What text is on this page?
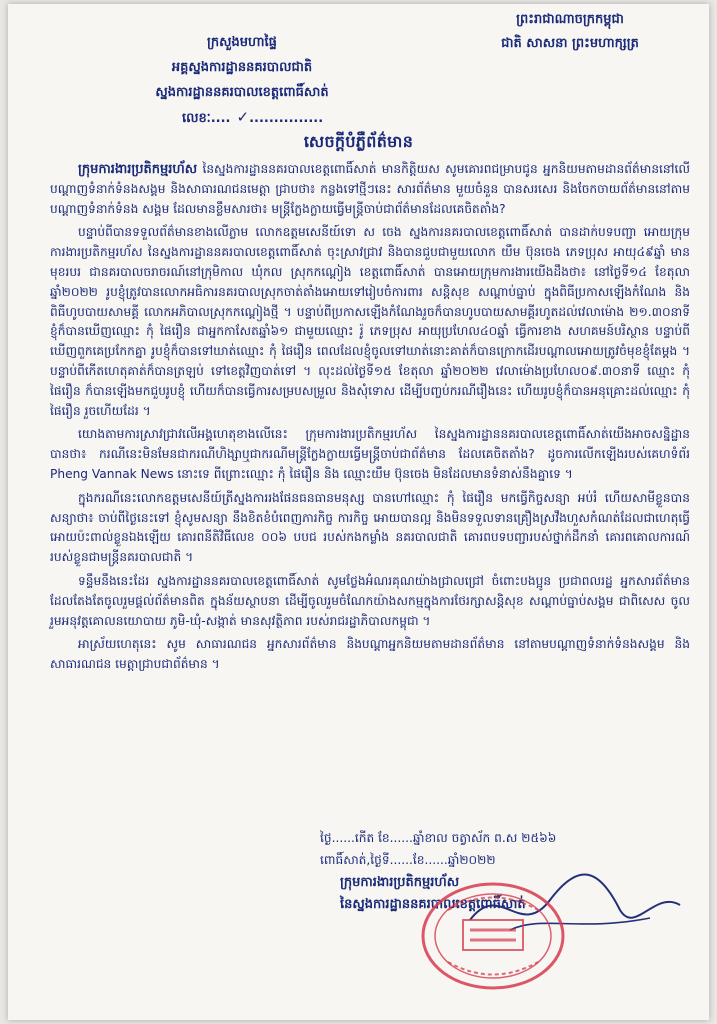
ក្រសួងមហាផ្ទៃ
អគ្គស្នងការដ្ឋាននគរបាលជាតិ
ស្នងការដ្ឋាននគរបាលខេត្តពោធិ៍សាត់
ព្រះរាជាណាចក្រកម្ពុជា
ជាតិ សាសនា ព្រះមហាក្សត្រ
លេខៈ.... ✓...............
សេចក្ដីបំភ្លឺព័ត៌មាន

ក្រុមការងារប្រតិកម្មរហ័ស នៃស្នងការដ្ឋាននគរបាលខេត្តពោធិ៍សាត់ មានកិត្តិយស សូមគោរពជម្រាបជូន អ្នកនិយមតាមដានព័ត៌មាននៅលើបណ្ដាញទំនាក់ទំនងសង្គម និងសាធារណជនមេត្តា ជ្រាបថា៖ កន្លងទៅថ្មីៗនេះ សារព័ត៌មាន មួយចំនួន បានសរសេរ និងចែកចាយព័ត៌មាននៅតាមបណ្ដាញទំនាក់ទំនង សង្គម ដែលមានខ្លឹមសារថា៖ មន្ត្រីក្លែងក្លាយធ្វើមន្ត្រីចាប់ជាព័ត៌មានដែលគេចិតតាំង?

បន្ទាប់ពីបានទទួលព័ត៌មានខាងលើភ្លាម លោកឧត្តមសេនីយ៍ទោ ស ចេង ស្នងការនគរបាលខេត្តពោធិ៍សាត់ បានដាក់បទបញ្ជា អោយក្រុមការងារប្រតិកម្មរហ័ស នៃស្នងការដ្ឋាននគរបាលខេត្តពោធិ៍សាត់ ចុះស្រាវជ្រាវ និងបានជួបជាមួយលោក យឹម ប៊ុនចេង ភេទប្រុស អាយុ៤៩ឆ្នាំ មានមុខរបរ ជានគរបាលចរាចរណ៍នៅក្រុមិកាល ឃុំកល ស្រុកកណ្ដៀង ខេត្តពោធិ៍សាត់ បានអោយក្រុមការងារយើងដឹងថា៖ នៅថ្ងៃទី១៤ ខែតុលា ឆ្នាំ២០២២ រូបខ្ញុំត្រូវបានលោកអធិការនគរបាលស្រុកចាត់តាំងអោយទៅរៀបចំការពារ សន្តិសុខ សណ្ដាប់ធ្នាប់ ក្នុងពិធីប្រកាសឡើងកំណែង និងពិធីហូបបាយសាមគ្គី លោកអភិបាលស្រុកកណ្ដៀងថ្មី ។ បន្ទាប់ពីប្រកាសឡើងកំណែងរួចក៏បានហូបបាយសាមគ្គីរហូតដល់វេលាម៉ោង ២១.៣០នាទី ខ្ញុំក៏បានឃើញឈ្មោះ កុំ ផៃរឿន ជាអ្នកកាសែតឆ្នាំ៦១ ជាមួយឈ្មោះ រ៉ូ ភេទប្រុស អាយុប្រហែល៤០ឆ្នាំ ធ្វើការខាង សហគមន៍បរិស្ថាន បន្ទាប់ពីឃើញពួកគេប្រកែកគ្នា រូបខ្ញុំក៏បានទៅឃាត់ឈ្មោះ កុំ ផៃរឿន ពេលដែលខ្ញុំចូលទៅឃាត់នោះគាត់ក៏បានក្រោកដើរបណ្ដាលអោយត្រូវចំមុខខ្ញុំតែម្ដង ។ បន្ទាប់ពីកើតហេតុគាត់ក៏បានត្រឡប់ ទៅខេត្តវិញបាត់ទៅ ។ លុះដល់ថ្ងៃទី១៥ ខែតុលា ឆ្នាំ២០២២ វេលាម៉ោងប្រហែល០៩.៣០នាទី ឈ្មោះ កុំ ផៃរឿន ក៏បានឡើងមកជួបរូបខ្ញុំ ហើយក៏បានធ្វើការសម្របសម្រួល និងសុំទោស ដើម្បីបញ្ចប់ករណីរឿងនេះ ហើយរូបខ្ញុំក៏បានអនុគ្រោះដល់ឈ្មោះ កុំ ផៃរឿន រួចហើយដែរ ។

យោងតាមការស្រាវជ្រាវលើអង្គហេតុខាងលើនេះ ក្រុមការងារប្រតិកម្មរហ័ស នៃស្នងការដ្ឋាននគរបាលខេត្តពោធិ៍សាត់យើងអាចសន្និដ្ឋានបានថា៖ ករណីនេះមិនមែនជាករណីហិង្សាឬជាករណីមន្ត្រីក្លែងក្លាយធ្វើមន្ត្រីចាប់ជាព័ត៌មាន ដែលគេចិតតាំង? ដូចការលើកឡើងរបស់គេហទំព័រ Pheng Vannak News នោះទេ ពីព្រោះឈ្មោះ កុំ ផៃរឿន និង ឈ្មោះយឹម ប៊ុនចេង មិនដែលមានទំនាស់នឹងគ្នាទេ ។

ក្នុងករណីនេះលោកឧត្តមសេនីយ៍ត្រីស្នងការរងផែនធនធានមនុស្ស បានហៅឈ្មោះ កុំ ផៃរឿន មកធ្វើកិច្ចសន្យា អប់រំ ហើយសាមីខ្លួនបានសន្យាថា៖ ចាប់ពីថ្ងៃនេះទៅ ខ្ញុំសូមសន្យា នឹងខិតខំបំពេញភារកិច្ច ការកិច្ច អោយបានល្អ និងមិនទទួលទានគ្រឿងស្រវឹងហួសកំណត់ដែលជាហេតុធ្វើអោយប៉ះពាល់ខ្លួនឯងឡើយ គោរពនីតិវិធីលេខ ០០៦ បបជ របស់កងកម្លាំង នគរបាលជាតិ គោរពបទបញ្ជារបស់ថ្នាក់ដឹកនាំ គោរពគោលការណ៍របស់ខ្លួនជាមន្ត្រីនគរបាលជាតិ ។

ទន្ទឹមនឹងនេះដែរ ស្នងការដ្ឋាននគរបាលខេត្តពោធិ៍សាត់ សូមថ្លែងអំណរគុណយ៉ាងជ្រាលជ្រៅ ចំពោះបងប្អូន ប្រជាពលរដ្ឋ អ្នកសារព័ត៌មាន ដែលតែងតែចូលរួមផ្ដល់ព័ត៌មានពិត ក្នុងន័យស្ថាបនា ដើម្បីចូលរួមចំណែកយ៉ាងសកម្មក្នុងការថែរក្សាសន្តិសុខ សណ្ដាប់ធ្នាប់សង្គម ជាពិសេស ចូលរួមអនុវត្តគោលនយោបាយ ភូមិ-ឃុំ-សង្កាត់ មានសុវត្ថិភាព របស់រាជរដ្ឋាភិបាលកម្ពុជា ។

អាស្រ័យហេតុនេះ សូម សាធារណជន អ្នកសារព័ត៌មាន និងបណ្ដាអ្នកនិយមតាមដានព័ត៌មាន នៅតាមបណ្ដាញទំនាក់ទំនងសង្គម និងសាធារណជន មេត្តាជ្រាបជាព័ត៌មាន ។

ថ្ងៃ......កើត ខែ......ឆ្នាំខាល ចត្វាស័ក ព.ស ២៥៦៦
ពោធិ៍សាត់,ថ្ងៃទី......ខែ......ឆ្នាំ២០២២
ក្រុមការងារប្រតិកម្មរហ័ស
នៃស្នងការដ្ឋាននគរបាលខេត្តពោធិ៍សាត់
